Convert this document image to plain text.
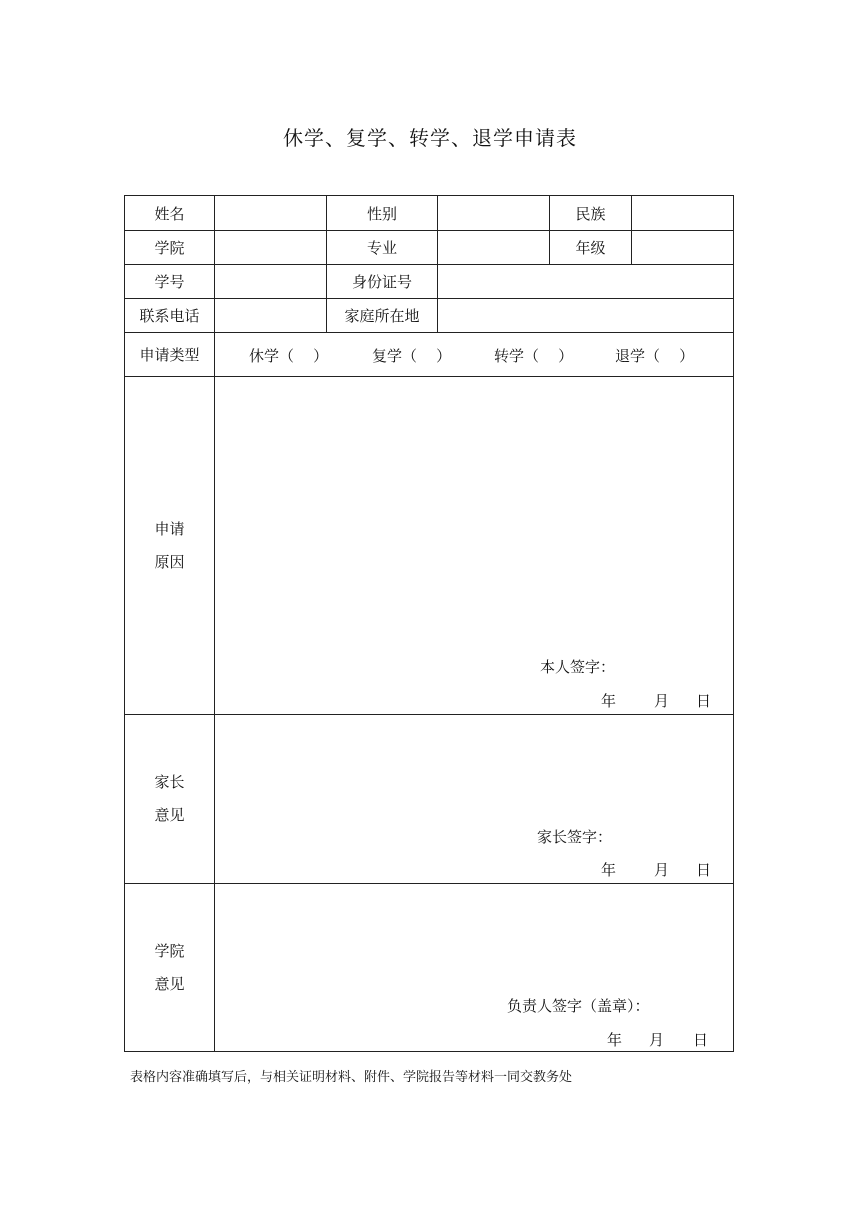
休学、复学、转学、退学申请表
姓名	性别	民族
学院	专业	年级
学号	身份证号
联系电话	家庭所在地
申请类型	休学（    ）	复学（    ）	转学（    ）	退学（    ）
申请
原因
本人签字：
年	月 日
家长
意见
家长签字：
年	月 日
学院
意见
负责人签字（盖章）：
年 月 日
表格内容准确填写后，与相关证明材料、附件、学院报告等材料一同交教务处
